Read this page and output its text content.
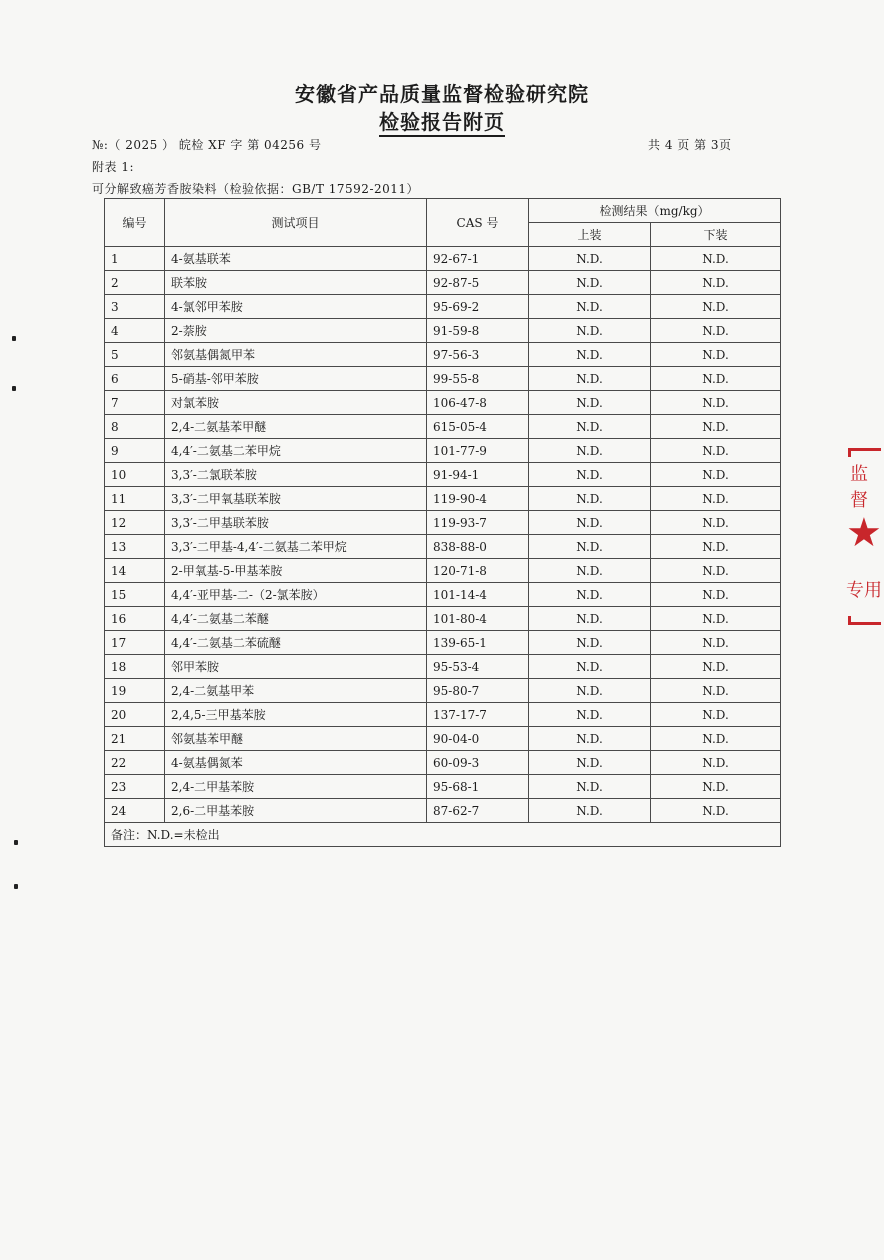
安徽省产品质量监督检验研究院
检验报告附页
№:（ 2025 ） 皖检 XF 字 第 04256 号	共 4 页 第 3页
附表 1:
可分解致癌芳香胺染料（检验依据：GB/T 17592-2011）
编号	测试项目	CAS 号	检测结果（mg/kg）	
			上装	下装
1	4-氨基联苯	92-67-1	N.D.	N.D.
2	联苯胺	92-87-5	N.D.	N.D.
3	4-氯邻甲苯胺	95-69-2	N.D.	N.D.
4	2-萘胺	91-59-8	N.D.	N.D.
5	邻氨基偶氮甲苯	97-56-3	N.D.	N.D.
6	5-硝基-邻甲苯胺	99-55-8	N.D.	N.D.
7	对氯苯胺	106-47-8	N.D.	N.D.
8	2,4-二氨基苯甲醚	615-05-4	N.D.	N.D.
9	4,4′-二氨基二苯甲烷	101-77-9	N.D.	N.D.
10	3,3′-二氯联苯胺	91-94-1	N.D.	N.D.
11	3,3′-二甲氧基联苯胺	119-90-4	N.D.	N.D.
12	3,3′-二甲基联苯胺	119-93-7	N.D.	N.D.
13	3,3′-二甲基-4,4′-二氨基二苯甲烷	838-88-0	N.D.	N.D.
14	2-甲氧基-5-甲基苯胺	120-71-8	N.D.	N.D.
15	4,4′-亚甲基-二-（2-氯苯胺）	101-14-4	N.D.	N.D.
16	4,4′-二氨基二苯醚	101-80-4	N.D.	N.D.
17	4,4′-二氨基二苯硫醚	139-65-1	N.D.	N.D.
18	邻甲苯胺	95-53-4	N.D.	N.D.
19	2,4-二氨基甲苯	95-80-7	N.D.	N.D.
20	2,4,5-三甲基苯胺	137-17-7	N.D.	N.D.
21	邻氨基苯甲醚	90-04-0	N.D.	N.D.
22	4-氨基偶氮苯	60-09-3	N.D.	N.D.
23	2,4-二甲基苯胺	95-68-1	N.D.	N.D.
24	2,6-二甲基苯胺	87-62-7	N.D.	N.D.
备注：N.D.=未检出				
监督
★
专用
